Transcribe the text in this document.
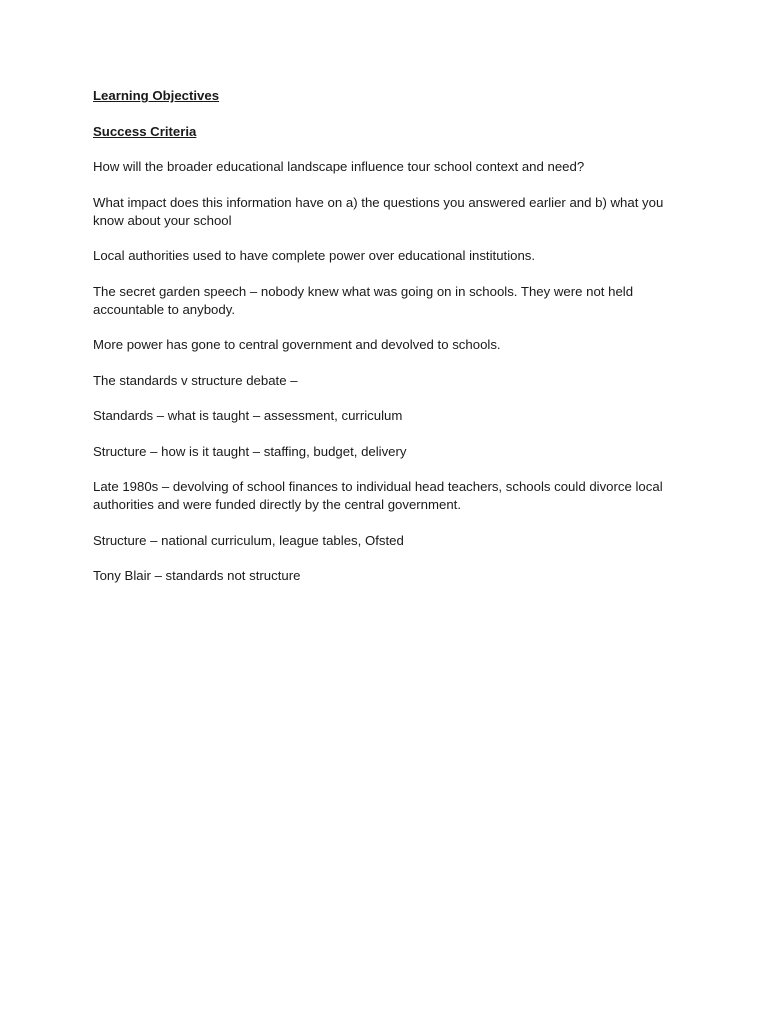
Learning Objectives

Success Criteria

How will the broader educational landscape influence tour school context and need?

What impact does this information have on a) the questions you answered earlier and b) what you know about your school

Local authorities used to have complete power over educational institutions.

The secret garden speech – nobody knew what was going on in schools. They were not held accountable to anybody.

More power has gone to central government and devolved to schools.

The standards v structure debate –

Standards – what is taught – assessment, curriculum

Structure – how is it taught – staffing, budget, delivery

Late 1980s – devolving of school finances to individual head teachers, schools could divorce local authorities and were funded directly by the central government.

Structure – national curriculum, league tables, Ofsted

Tony Blair – standards not structure
